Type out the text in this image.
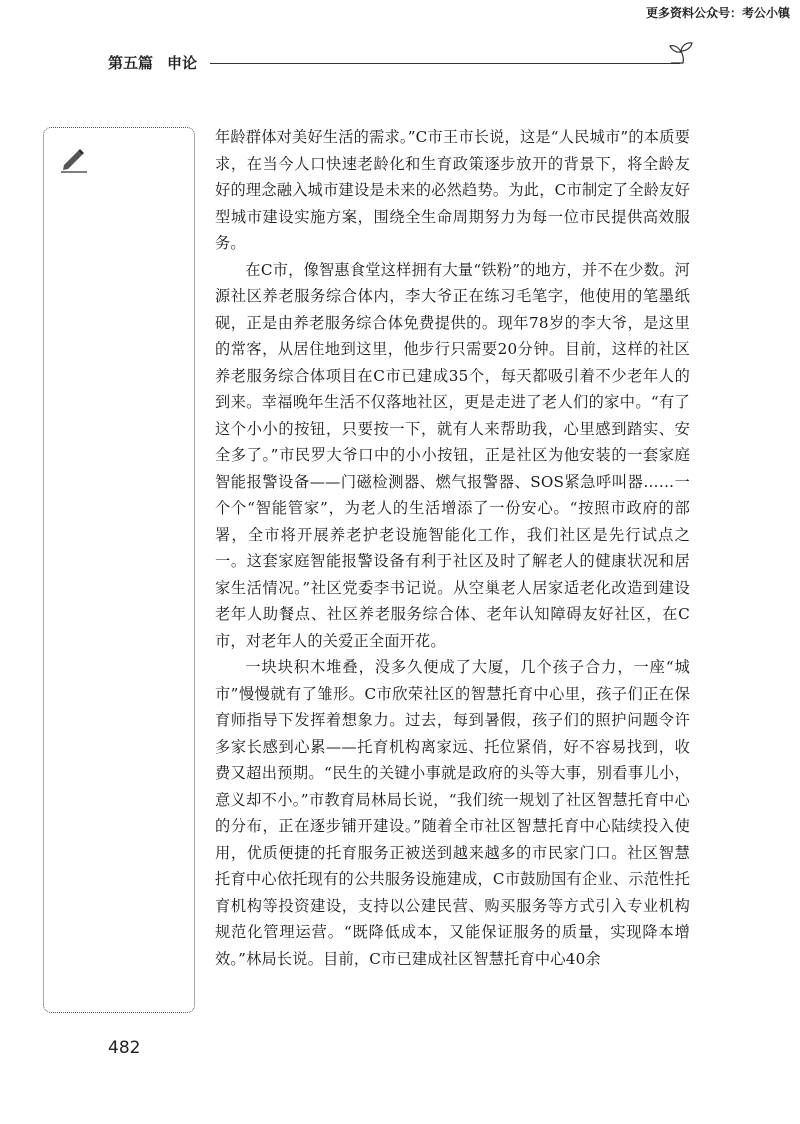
更多资料公众号：考公小镇
第五篇 申论

年龄群体对美好生活的需求。”C市王市长说，这是“人民城市”的本质要求，在当今人口快速老龄化和生育政策逐步放开的背景下，将全龄友好的理念融入城市建设是未来的必然趋势。为此，C市制定了全龄友好型城市建设实施方案，围绕全生命周期努力为每一位市民提供高效服务。

在C市，像智惠食堂这样拥有大量“铁粉”的地方，并不在少数。河源社区养老服务综合体内，李大爷正在练习毛笔字，他使用的笔墨纸砚，正是由养老服务综合体免费提供的。现年78岁的李大爷，是这里的常客，从居住地到这里，他步行只需要20分钟。目前，这样的社区养老服务综合体项目在C市已建成35个，每天都吸引着不少老年人的到来。幸福晚年生活不仅落地社区，更是走进了老人们的家中。“有了这个小小的按钮，只要按一下，就有人来帮助我，心里感到踏实、安全多了。”市民罗大爷口中的小小按钮，正是社区为他安装的一套家庭智能报警设备——门磁检测器、燃气报警器、SOS紧急呼叫器……一个个“智能管家”，为老人的生活增添了一份安心。“按照市政府的部署，全市将开展养老护老设施智能化工作，我们社区是先行试点之一。这套家庭智能报警设备有利于社区及时了解老人的健康状况和居家生活情况。”社区党委李书记说。从空巢老人居家适老化改造到建设老年人助餐点、社区养老服务综合体、老年认知障碍友好社区，在C市，对老年人的关爱正全面开花。

一块块积木堆叠，没多久便成了大厦，几个孩子合力，一座“城市”慢慢就有了雏形。C市欣荣社区的智慧托育中心里，孩子们正在保育师指导下发挥着想象力。过去，每到暑假，孩子们的照护问题令许多家长感到心累——托育机构离家远、托位紧俏，好不容易找到，收费又超出预期。“民生的关键小事就是政府的头等大事，别看事儿小，意义却不小。”市教育局林局长说，“我们统一规划了社区智慧托育中心的分布，正在逐步铺开建设。”随着全市社区智慧托育中心陆续投入使用，优质便捷的托育服务正被送到越来越多的市民家门口。社区智慧托育中心依托现有的公共服务设施建成，C市鼓励国有企业、示范性托育机构等投资建设，支持以公建民营、购买服务等方式引入专业机构规范化管理运营。“既降低成本，又能保证服务的质量，实现降本增效。”林局长说。目前，C市已建成社区智慧托育中心40余

482
